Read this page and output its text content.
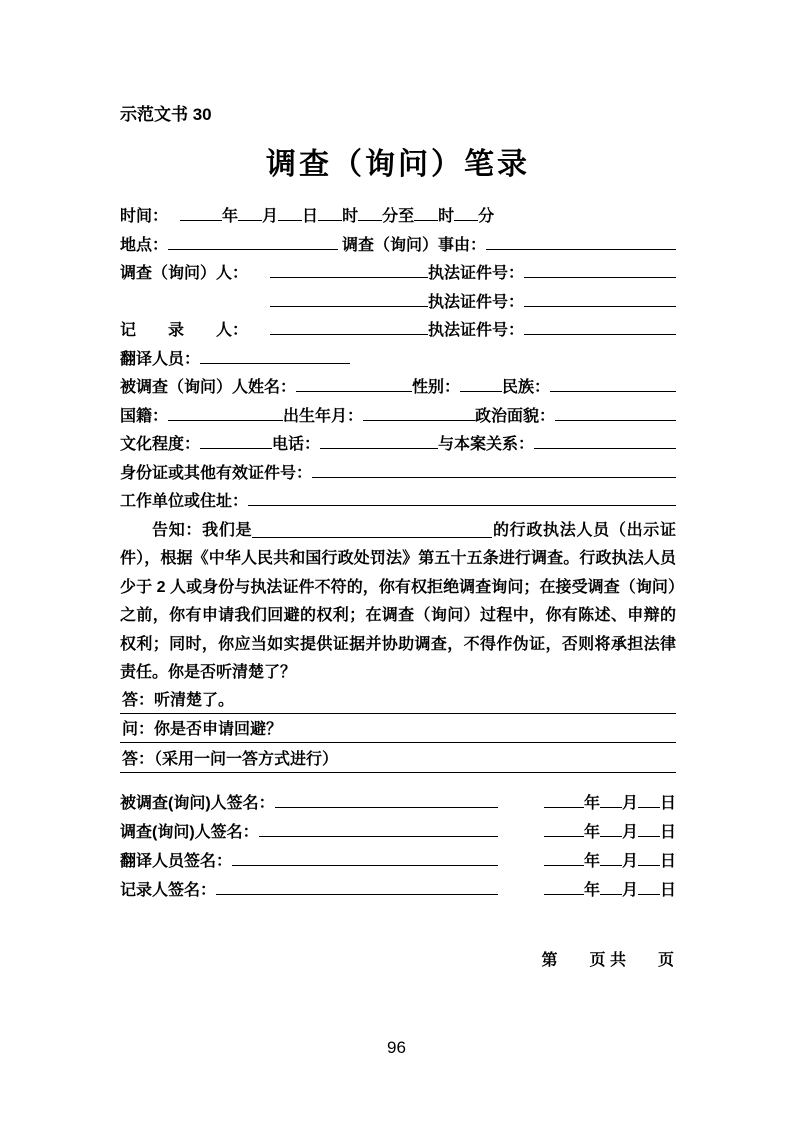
示范文书 30
调查（询问）笔录
时间：	年 月 日 时 分至 时 分
地点：	调查（询问）事由：
调查（询问）人：	执法证件号：
执法证件号：
记　　录　　人：	执法证件号：
翻译人员：
被调查（询问）人姓名：	性别：	民族：
国籍：	出生年月：	政治面貌：
文化程度：	电话：	与本案关系：
身份证或其他有效证件号：
工作单位或住址：

告知：我们是	的行政执法人员（出示证件），根据《中华人民共和国行政处罚法》第五十五条进行调查。行政执法人员少于 2 人或身份与执法证件不符的，你有权拒绝调查询问；在接受调查（询问）之前，你有申请我们回避的权利；在调查（询问）过程中，你有陈述、申辩的权利；同时，你应当如实提供证据并协助调查，不得作伪证，否则将承担法律责任。你是否听清楚了？

答：听清楚了。
问：你是否申请回避？
答：（采用一问一答方式进行）
被调查(询问)人签名：	年 月 日
调查(询问)人签名：	年 月 日
翻译人员签名：	年 月 日
记录人签名：	年 月 日
第　　页 共　　页
96
